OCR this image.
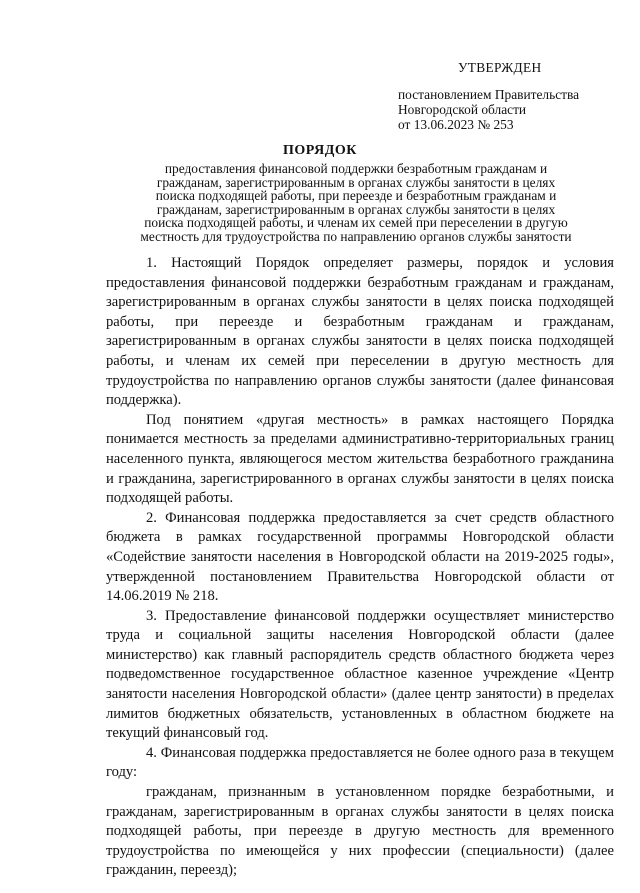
УТВЕРЖДЕН
постановлением Правительства
Новгородской области
от 13.06.2023 № 253
ПОРЯДОК
предоставления финансовой поддержки безработным гражданам и гражданам, зарегистрированным в органах службы занятости в целях поиска подходящей работы, при переезде и безработным гражданам и гражданам, зарегистрированным в органах службы занятости в целях поиска подходящей работы, и членам их семей при переселении в другую местность для трудоустройства по направлению органов службы занятости

1. Настоящий Порядок определяет размеры, порядок и условия предоставления финансовой поддержки безработным гражданам и гражданам, зарегистрированным в органах службы занятости в целях поиска подходящей работы, при переезде и безработным гражданам и гражданам, зарегистрированным в органах службы занятости в целях поиска подходящей работы, и членам их семей при переселении в другую местность для трудоустройства по направлению органов службы занятости (далее финансовая поддержка).

Под понятием «другая местность» в рамках настоящего Порядка понимается местность за пределами административно-территориальных границ населенного пункта, являющегося местом жительства безработного гражданина и гражданина, зарегистрированного в органах службы занятости в целях поиска подходящей работы.

2. Финансовая поддержка предоставляется за счет средств областного бюджета в рамках государственной программы Новгородской области «Содействие занятости населения в Новгородской области на 2019-2025 годы», утвержденной постановлением Правительства Новгородской области от 14.06.2019 № 218.

3. Предоставление финансовой поддержки осуществляет министерство труда и социальной защиты населения Новгородской области (далее министерство) как главный распорядитель средств областного бюджета через подведомственное государственное областное казенное учреждение «Центр занятости населения Новгородской области» (далее центр занятости) в пределах лимитов бюджетных обязательств, установленных в областном бюджете на текущий финансовый год.

4. Финансовая поддержка предоставляется не более одного раза в текущем году:

гражданам, признанным в установленном порядке безработными, и гражданам, зарегистрированным в органах службы занятости в целях поиска подходящей работы, при переезде в другую местность для временного трудоустройства по имеющейся у них профессии (специальности) (далее гражданин, переезд);
